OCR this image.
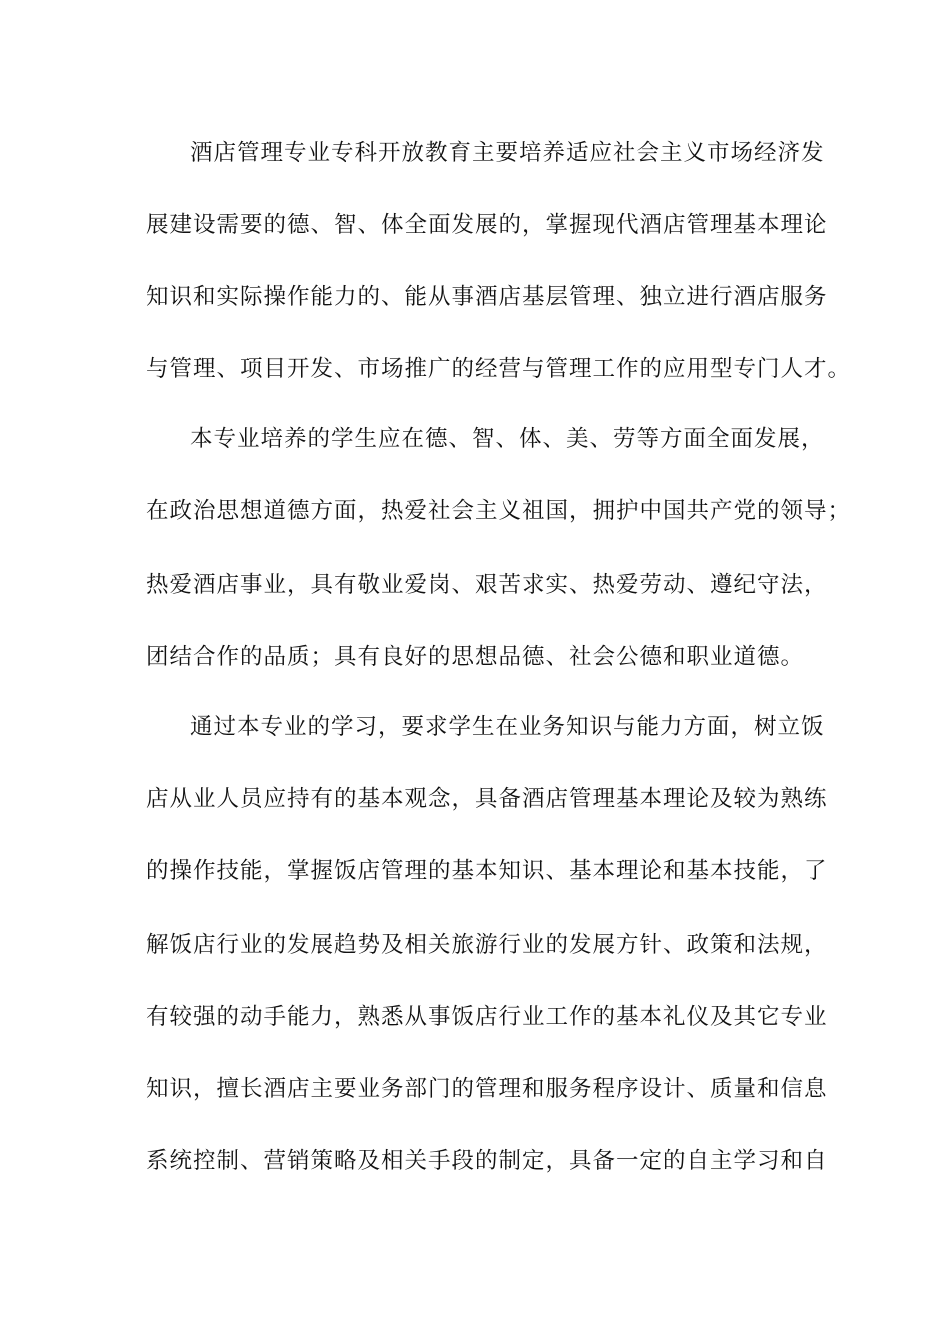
酒店管理专业专科开放教育主要培养适应社会主义市场经济发
展建设需要的德、智、体全面发展的，掌握现代酒店管理基本理论
知识和实际操作能力的、能从事酒店基层管理、独立进行酒店服务
与管理、项目开发、市场推广的经营与管理工作的应用型专门人才。
本专业培养的学生应在德、智、体、美、劳等方面全面发展，
在政治思想道德方面，热爱社会主义祖国，拥护中国共产党的领导；
热爱酒店事业，具有敬业爱岗、艰苦求实、热爱劳动、遵纪守法，
团结合作的品质；具有良好的思想品德、社会公德和职业道德。
通过本专业的学习，要求学生在业务知识与能力方面，树立饭
店从业人员应持有的基本观念，具备酒店管理基本理论及较为熟练
的操作技能，掌握饭店管理的基本知识、基本理论和基本技能，了
解饭店行业的发展趋势及相关旅游行业的发展方针、政策和法规，
有较强的动手能力，熟悉从事饭店行业工作的基本礼仪及其它专业
知识，擅长酒店主要业务部门的管理和服务程序设计、质量和信息
系统控制、营销策略及相关手段的制定，具备一定的自主学习和自
